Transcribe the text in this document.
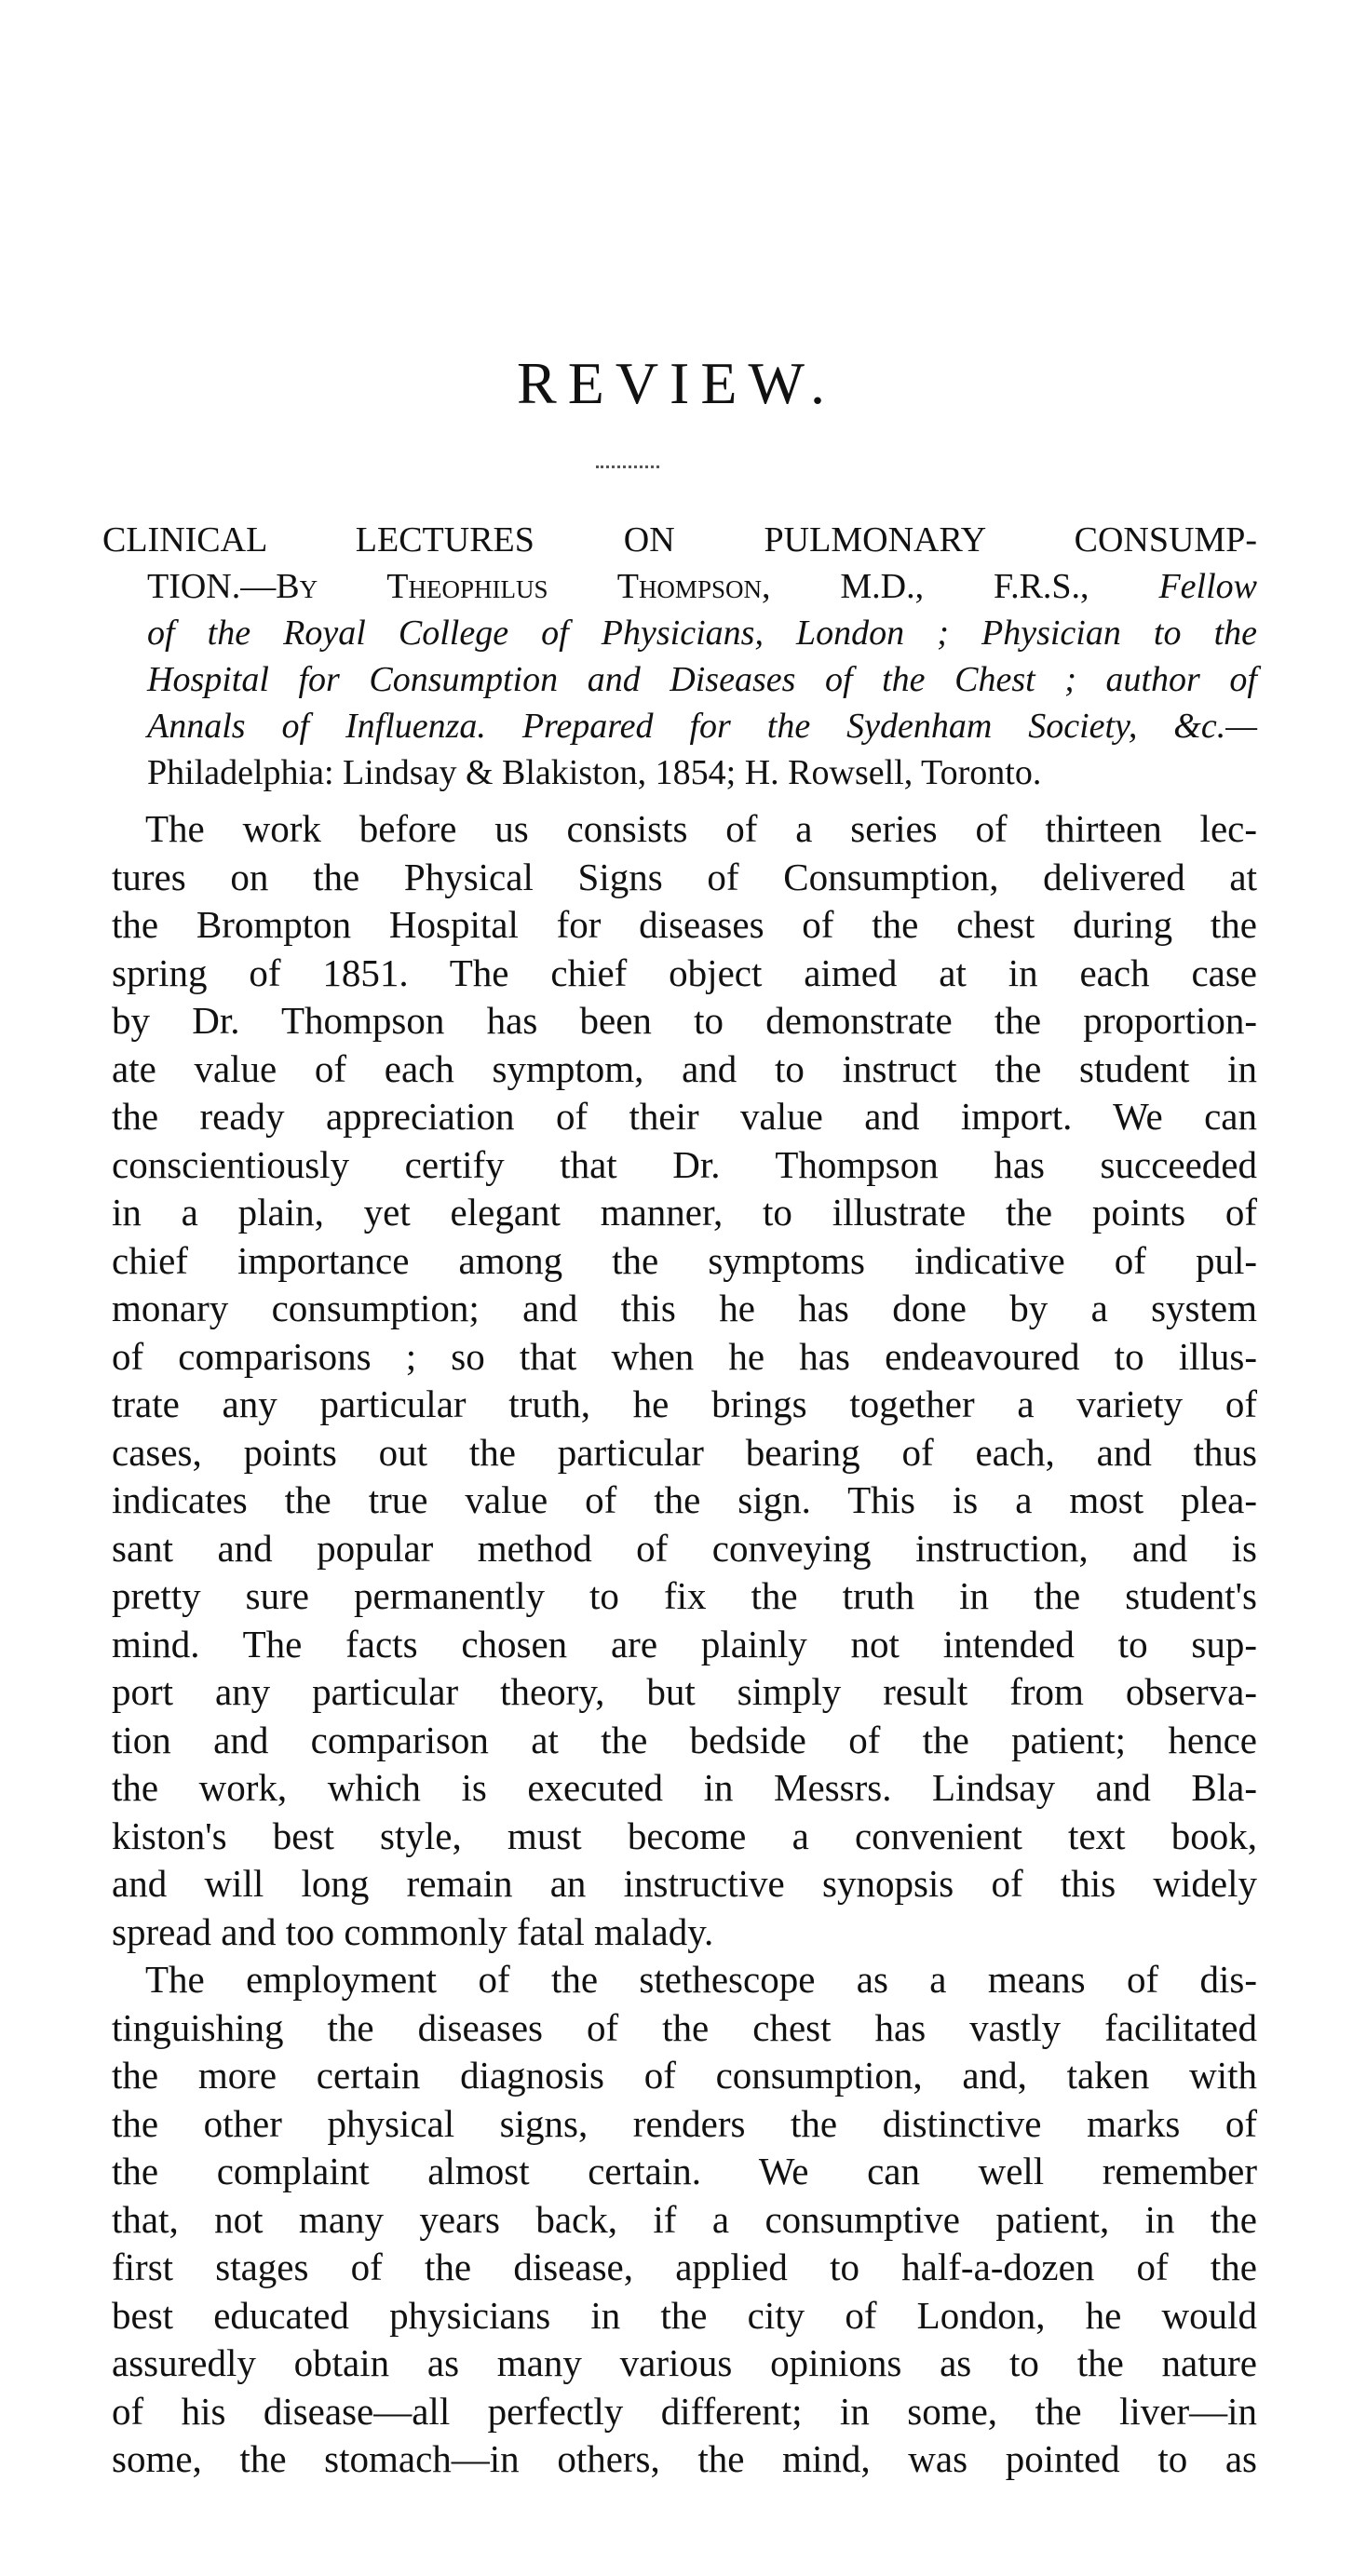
REVIEW.
CLINICAL LECTURES ON PULMONARY CONSUMP-
TION.—By Theophilus Thompson, M.D., F.R.S., Fellow
of the Royal College of Physicians, London ; Physician to the
Hospital for Consumption and Diseases of the Chest ; author of
Annals of Influenza. Prepared for the Sydenham Society, &c.—
Philadelphia: Lindsay & Blakiston, 1854; H. Rowsell, Toronto.
The work before us consists of a series of thirteen lec-
tures on the Physical Signs of Consumption, delivered at
the Brompton Hospital for diseases of the chest during the
spring of 1851. The chief object aimed at in each case
by Dr. Thompson has been to demonstrate the proportion-
ate value of each symptom, and to instruct the student in
the ready appreciation of their value and import. We can
conscientiously certify that Dr. Thompson has succeeded
in a plain, yet elegant manner, to illustrate the points of
chief importance among the symptoms indicative of pul-
monary consumption; and this he has done by a system
of comparisons ; so that when he has endeavoured to illus-
trate any particular truth, he brings together a variety of
cases, points out the particular bearing of each, and thus
indicates the true value of the sign. This is a most plea-
sant and popular method of conveying instruction, and is
pretty sure permanently to fix the truth in the student's
mind. The facts chosen are plainly not intended to sup-
port any particular theory, but simply result from observa-
tion and comparison at the bedside of the patient; hence
the work, which is executed in Messrs. Lindsay and Bla-
kiston's best style, must become a convenient text book,
and will long remain an instructive synopsis of this widely
spread and too commonly fatal malady.
The employment of the stethescope as a means of dis-
tinguishing the diseases of the chest has vastly facilitated
the more certain diagnosis of consumption, and, taken with
the other physical signs, renders the distinctive marks of
the complaint almost certain. We can well remember
that, not many years back, if a consumptive patient, in the
first stages of the disease, applied to half-a-dozen of the
best educated physicians in the city of London, he would
assuredly obtain as many various opinions as to the nature
of his disease—all perfectly different; in some, the liver—in
some, the stomach—in others, the mind, was pointed to as
